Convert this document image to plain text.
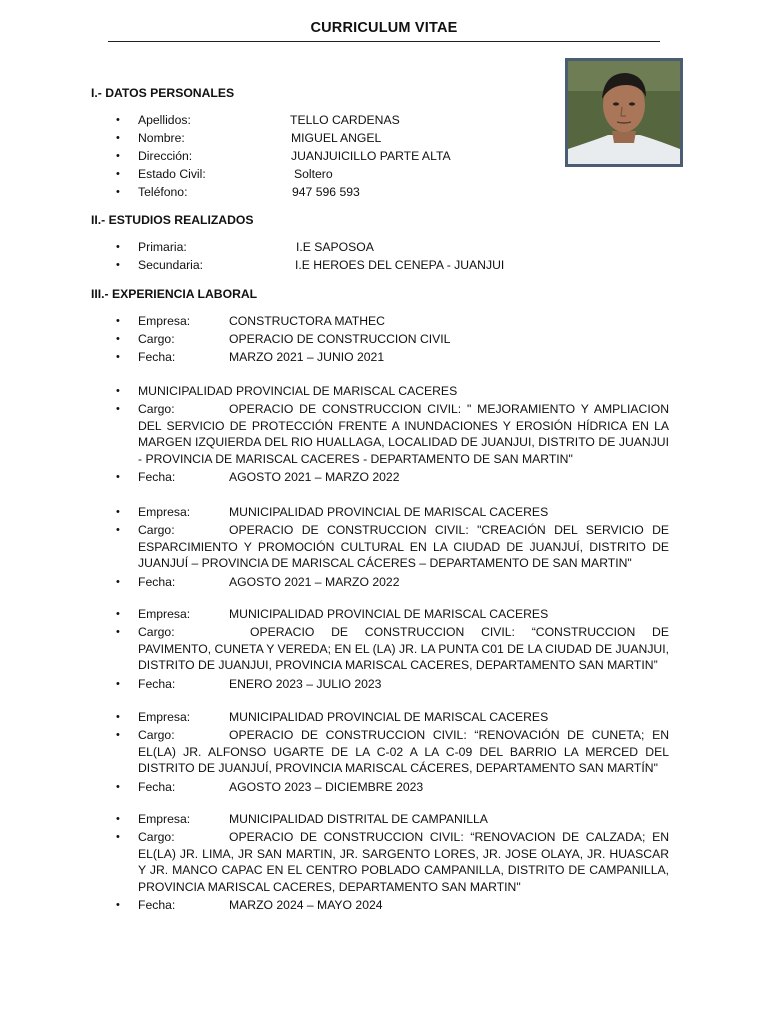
CURRICULUM VITAE
I.- DATOS PERSONALES
•	Apellidos:	TELLO CARDENAS
•	Nombre:	MIGUEL ANGEL
•	Dirección:	JUANJUICILLO PARTE ALTA
•	Estado Civil:	Soltero
•	Teléfono:	947 596 593
II.- ESTUDIOS REALIZADOS
•	Primaria:	I.E SAPOSOA
•	Secundaria:	I.E HEROES DEL CENEPA - JUANJUI
III.- EXPERIENCIA LABORAL
•	Empresa:	CONSTRUCTORA MATHEC
•	Cargo:	OPERACIO DE CONSTRUCCION CIVIL
•	Fecha:	MARZO 2021 – JUNIO 2021
•	MUNICIPALIDAD PROVINCIAL DE MARISCAL CACERES
•	Cargo:	OPERACIO DE CONSTRUCCION CIVIL: " MEJORAMIENTO Y AMPLIACION DEL SERVICIO DE PROTECCIÓN FRENTE A INUNDACIONES Y EROSIÓN HÍDRICA EN LA MARGEN IZQUIERDA DEL RIO HUALLAGA, LOCALIDAD DE JUANJUI, DISTRITO DE JUANJUI - PROVINCIA DE MARISCAL CACERES - DEPARTAMENTO DE SAN MARTIN"
•	Fecha:	AGOSTO 2021 – MARZO 2022
•	Empresa:	MUNICIPALIDAD PROVINCIAL DE MARISCAL CACERES
•	Cargo:	OPERACIO DE CONSTRUCCION CIVIL: "CREACIÓN DEL SERVICIO DE ESPARCIMIENTO Y PROMOCIÓN CULTURAL EN LA CIUDAD DE JUANJUÍ, DISTRITO DE JUANJUÍ – PROVINCIA DE MARISCAL CÁCERES – DEPARTAMENTO DE SAN MARTIN"
•	Fecha:	AGOSTO 2021 – MARZO 2022
•	Empresa:	MUNICIPALIDAD PROVINCIAL DE MARISCAL CACERES
•	Cargo:	OPERACIO DE CONSTRUCCION CIVIL: “CONSTRUCCION DE PAVIMENTO, CUNETA Y VEREDA; EN EL (LA) JR. LA PUNTA C01 DE LA CIUDAD DE JUANJUI, DISTRITO DE JUANJUI, PROVINCIA MARISCAL CACERES, DEPARTAMENTO SAN MARTIN”
•	Fecha:	ENERO 2023 – JULIO 2023
•	Empresa:	MUNICIPALIDAD PROVINCIAL DE MARISCAL CACERES
•	Cargo:	OPERACIO DE CONSTRUCCION CIVIL: “RENOVACIÓN DE CUNETA; EN EL(LA) JR. ALFONSO UGARTE DE LA C-02 A LA C-09 DEL BARRIO LA MERCED DEL DISTRITO DE JUANJUÍ, PROVINCIA MARISCAL CÁCERES, DEPARTAMENTO SAN MARTÍN"
•	Fecha:	AGOSTO 2023 – DICIEMBRE 2023
•	Empresa:	MUNICIPALIDAD DISTRITAL DE CAMPANILLA
•	Cargo:	OPERACIO DE CONSTRUCCION CIVIL: “RENOVACION DE CALZADA; EN EL(LA) JR. LIMA, JR SAN MARTIN, JR. SARGENTO LORES, JR. JOSE OLAYA, JR. HUASCAR Y JR. MANCO CAPAC EN EL CENTRO POBLADO CAMPANILLA, DISTRITO DE CAMPANILLA, PROVINCIA MARISCAL CACERES, DEPARTAMENTO SAN MARTIN"
•	Fecha:	MARZO 2024 – MAYO 2024
